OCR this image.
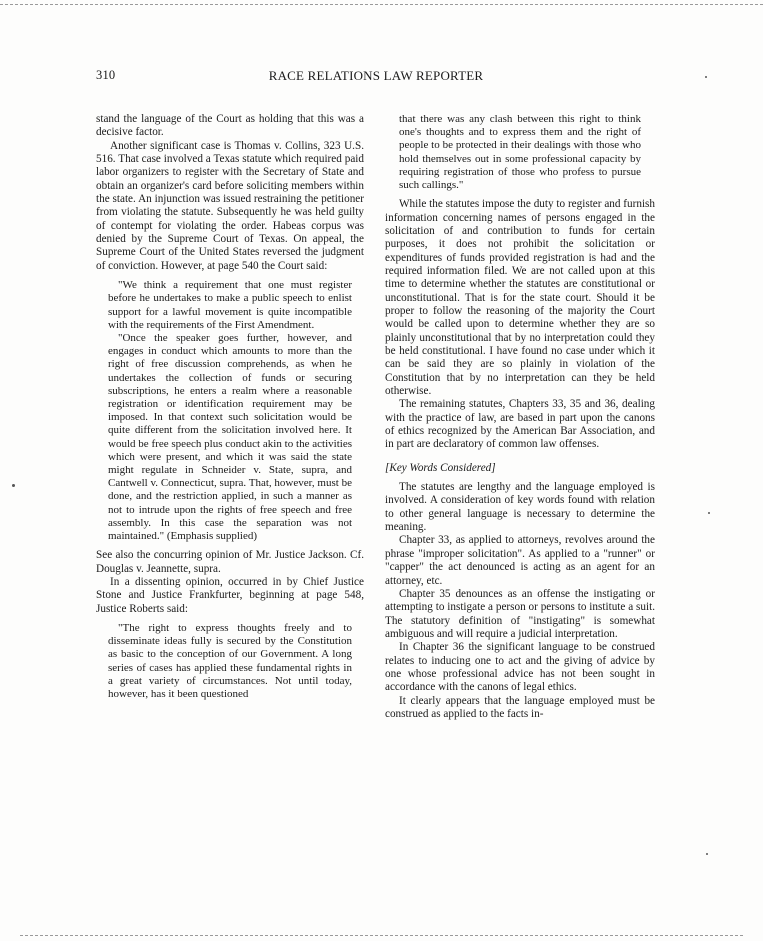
310	RACE RELATIONS LAW REPORTER

stand the language of the Court as holding that this was a decisive factor.

Another significant case is Thomas v. Collins, 323 U.S. 516. That case involved a Texas statute which required paid labor organizers to register with the Secretary of State and obtain an organizer's card before soliciting members within the state. An injunction was issued restraining the petitioner from violating the statute. Subsequently he was held guilty of contempt for violating the order. Habeas corpus was denied by the Supreme Court of Texas. On appeal, the Supreme Court of the United States reversed the judgment of conviction. However, at page 540 the Court said:

"We think a requirement that one must register before he undertakes to make a public speech to enlist support for a lawful movement is quite incompatible with the requirements of the First Amendment.

"Once the speaker goes further, however, and engages in conduct which amounts to more than the right of free discussion comprehends, as when he undertakes the collection of funds or securing subscriptions, he enters a realm where a reasonable registration or identification requirement may be imposed. In that context such solicitation would be quite different from the solicitation involved here. It would be free speech plus conduct akin to the activities which were present, and which it was said the state might regulate in Schneider v. State, supra, and Cantwell v. Connecticut, supra. That, however, must be done, and the restriction applied, in such a manner as not to intrude upon the rights of free speech and free assembly. In this case the separation was not maintained." (Emphasis supplied)

See also the concurring opinion of Mr. Justice Jackson. Cf. Douglas v. Jeannette, supra.

In a dissenting opinion, occurred in by Chief Justice Stone and Justice Frankfurter, beginning at page 548, Justice Roberts said:

"The right to express thoughts freely and to disseminate ideas fully is secured by the Constitution as basic to the conception of our Government. A long series of cases has applied these fundamental rights in a great variety of circumstances. Not until today, however, has it been questioned

that there was any clash between this right to think one's thoughts and to express them and the right of people to be protected in their dealings with those who hold themselves out in some professional capacity by requiring registration of those who profess to pursue such callings."

While the statutes impose the duty to register and furnish information concerning names of persons engaged in the solicitation of and contribution to funds for certain purposes, it does not prohibit the solicitation or expenditures of funds provided registration is had and the required information filed. We are not called upon at this time to determine whether the statutes are constitutional or unconstitutional. That is for the state court. Should it be proper to follow the reasoning of the majority the Court would be called upon to determine whether they are so plainly unconstitutional that by no interpretation could they be held constitutional. I have found no case under which it can be said they are so plainly in violation of the Constitution that by no interpretation can they be held otherwise.

The remaining statutes, Chapters 33, 35 and 36, dealing with the practice of law, are based in part upon the canons of ethics recognized by the American Bar Association, and in part are declaratory of common law offenses.

[Key Words Considered]

The statutes are lengthy and the language employed is involved. A consideration of key words found with relation to other general language is necessary to determine the meaning.

Chapter 33, as applied to attorneys, revolves around the phrase "improper solicitation". As applied to a "runner" or "capper" the act denounced is acting as an agent for an attorney, etc.

Chapter 35 denounces as an offense the instigating or attempting to instigate a person or persons to institute a suit. The statutory definition of "instigating" is somewhat ambiguous and will require a judicial interpretation.

In Chapter 36 the significant language to be construed relates to inducing one to act and the giving of advice by one whose professional advice has not been sought in accordance with the canons of legal ethics.

It clearly appears that the language employed must be construed as applied to the facts in-
